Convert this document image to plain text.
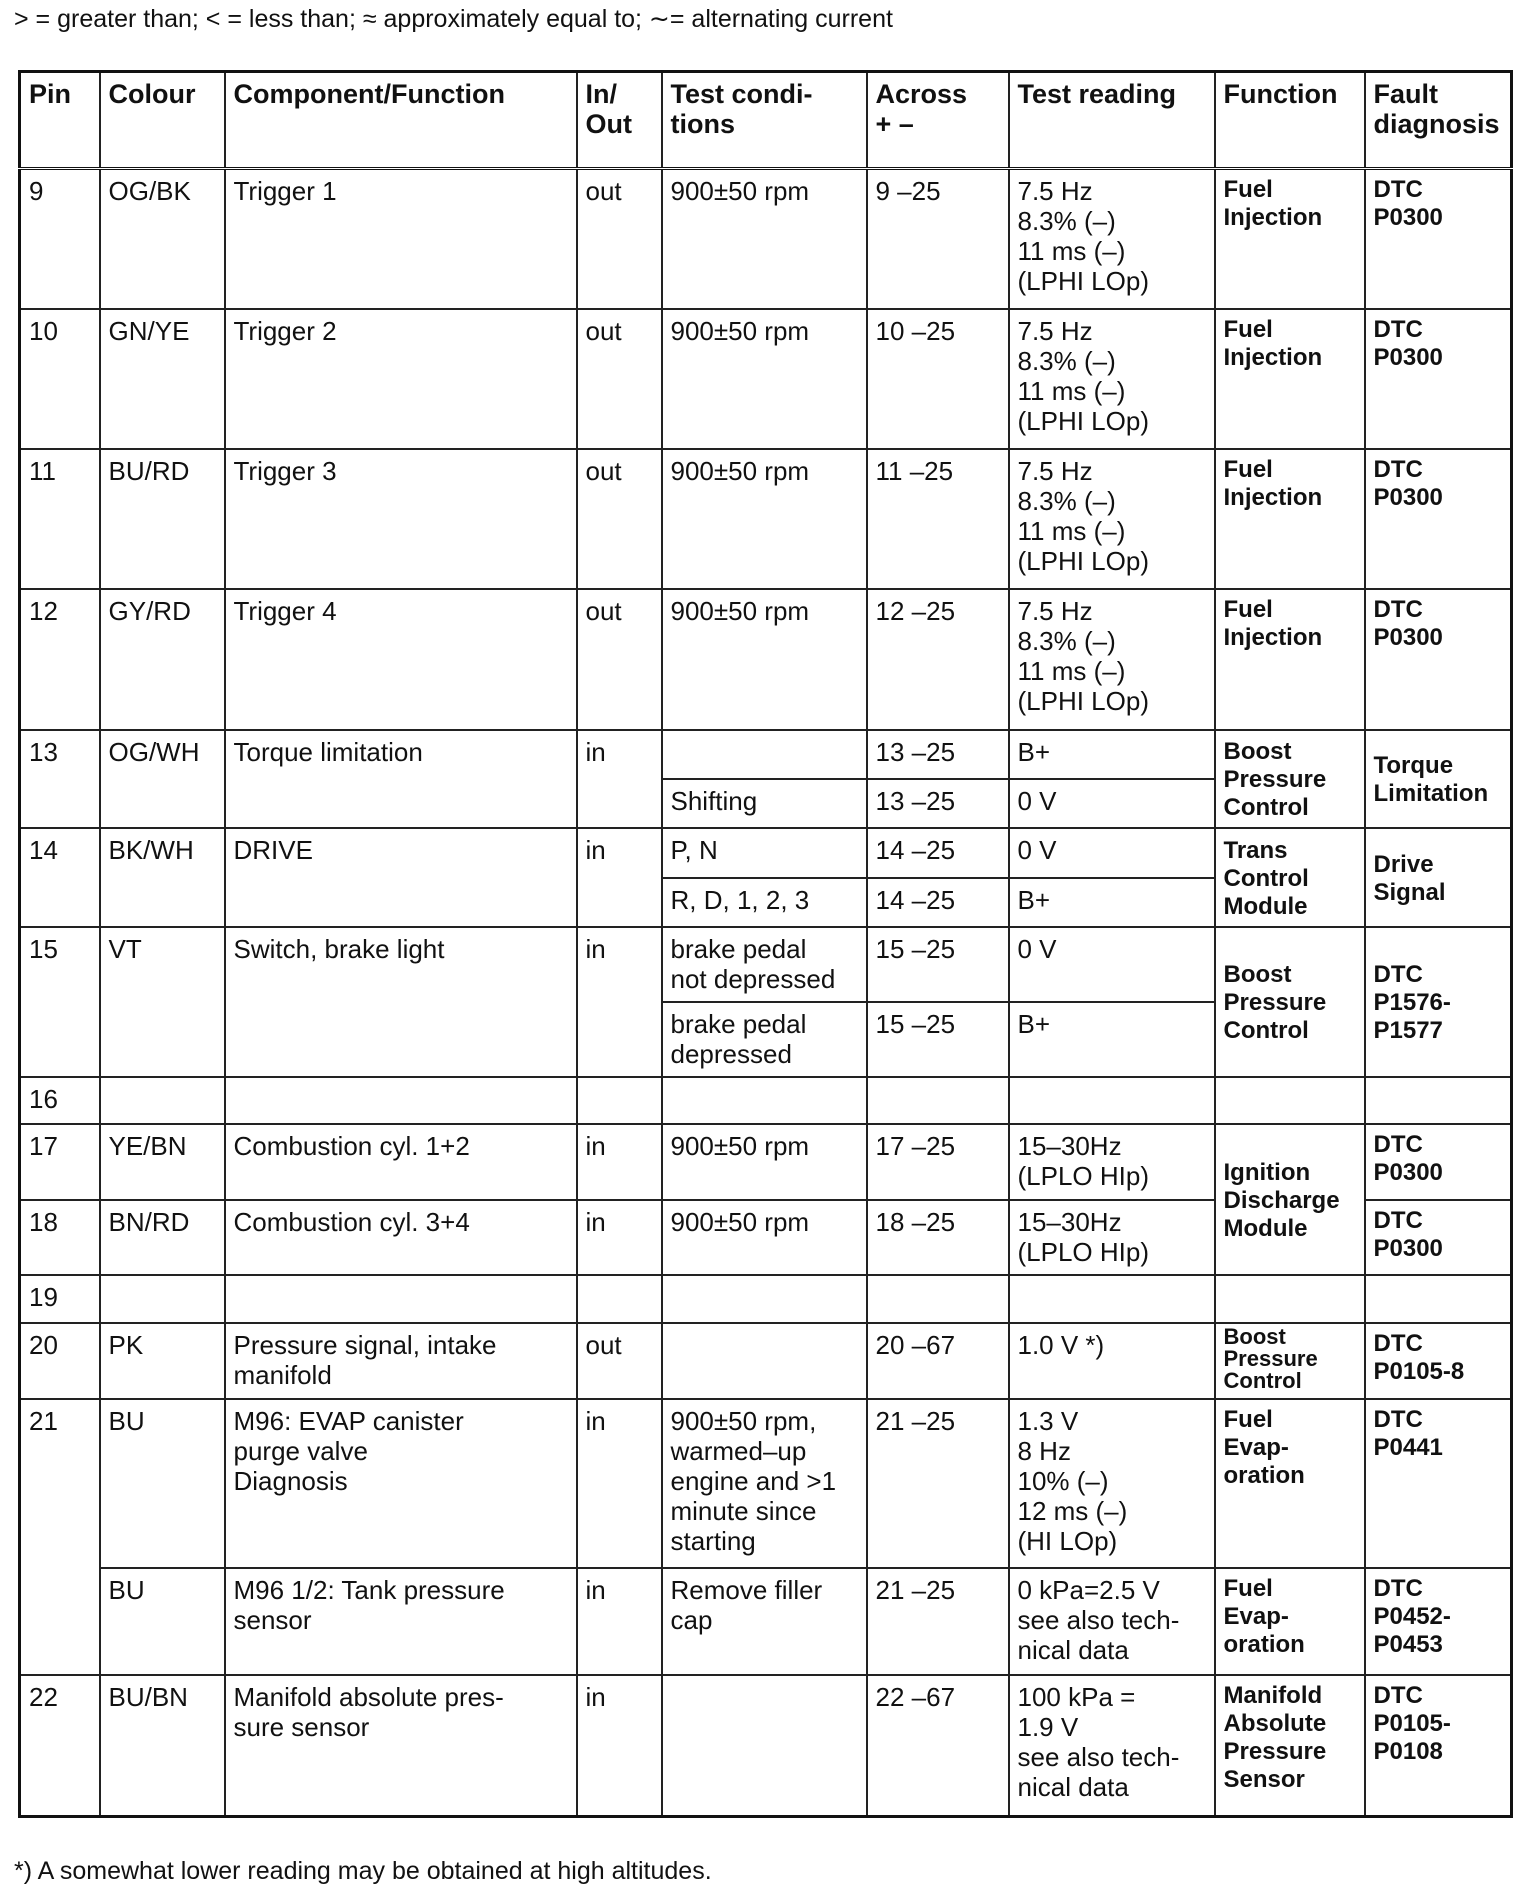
> = greater than; < = less than; ≈ approximately equal to; ∼= alternating current
Pin	Colour	Component/Function	In/
Out	Test condi-
tions	Across
+ –	Test reading	Function	Fault
diagnosis
9	OG/BK	Trigger 1	out	900±50 rpm	9 –25	7.5 Hz
8.3% (–)
11 ms (–)
(LPHI LOp)	Fuel
Injection	DTC
P0300
10	GN/YE	Trigger 2	out	900±50 rpm	10 –25	7.5 Hz
8.3% (–)
11 ms (–)
(LPHI LOp)	Fuel
Injection	DTC
P0300
11	BU/RD	Trigger 3	out	900±50 rpm	11 –25	7.5 Hz
8.3% (–)
11 ms (–)
(LPHI LOp)	Fuel
Injection	DTC
P0300
12	GY/RD	Trigger 4	out	900±50 rpm	12 –25	7.5 Hz
8.3% (–)
11 ms (–)
(LPHI LOp)	Fuel
Injection	DTC
P0300
13	OG/WH	Torque limitation	in		13 –25	B+	Boost
Pressure
Control	Torque
Limitation
				Shifting	13 –25	0 V		
14	BK/WH	DRIVE	in	P, N	14 –25	0 V	Trans
Control
Module	Drive
Signal
				R, D, 1, 2, 3	14 –25	B+		
15	VT	Switch, brake light	in	brake pedal
not depressed	15 –25	0 V	Boost
Pressure
Control	DTC
P1576-
P1577
				brake pedal
depressed	15 –25	B+		
16								
17	YE/BN	Combustion cyl. 1+2	in	900±50 rpm	17 –25	15–30Hz
(LPLO HIp)	Ignition
Discharge
Module	DTC
P0300
18	BN/RD	Combustion cyl. 3+4	in	900±50 rpm	18 –25	15–30Hz
(LPLO HIp)		DTC
P0300
19								
20	PK	Pressure signal, intake
manifold	out		20 –67	1.0 V *)	Boost
Pressure
Control	DTC
P0105-8
21	BU	M96: EVAP canister
purge valve
Diagnosis	in	900±50 rpm,
warmed–up
engine and >1
minute since
starting	21 –25	1.3 V
8 Hz
10% (–)
12 ms (–)
(HI LOp)	Fuel
Evap-
oration	DTC
P0441
	BU	M96 1/2: Tank pressure
sensor	in	Remove filler
cap	21 –25	0 kPa=2.5 V
see also tech-
nical data	Fuel
Evap-
oration	DTC
P0452-
P0453
22	BU/BN	Manifold absolute pres-
sure sensor	in		22 –67	100 kPa =
1.9 V
see also tech-
nical data	Manifold
Absolute
Pressure
Sensor	DTC
P0105-
P0108
*) A somewhat lower reading may be obtained at high altitudes.
